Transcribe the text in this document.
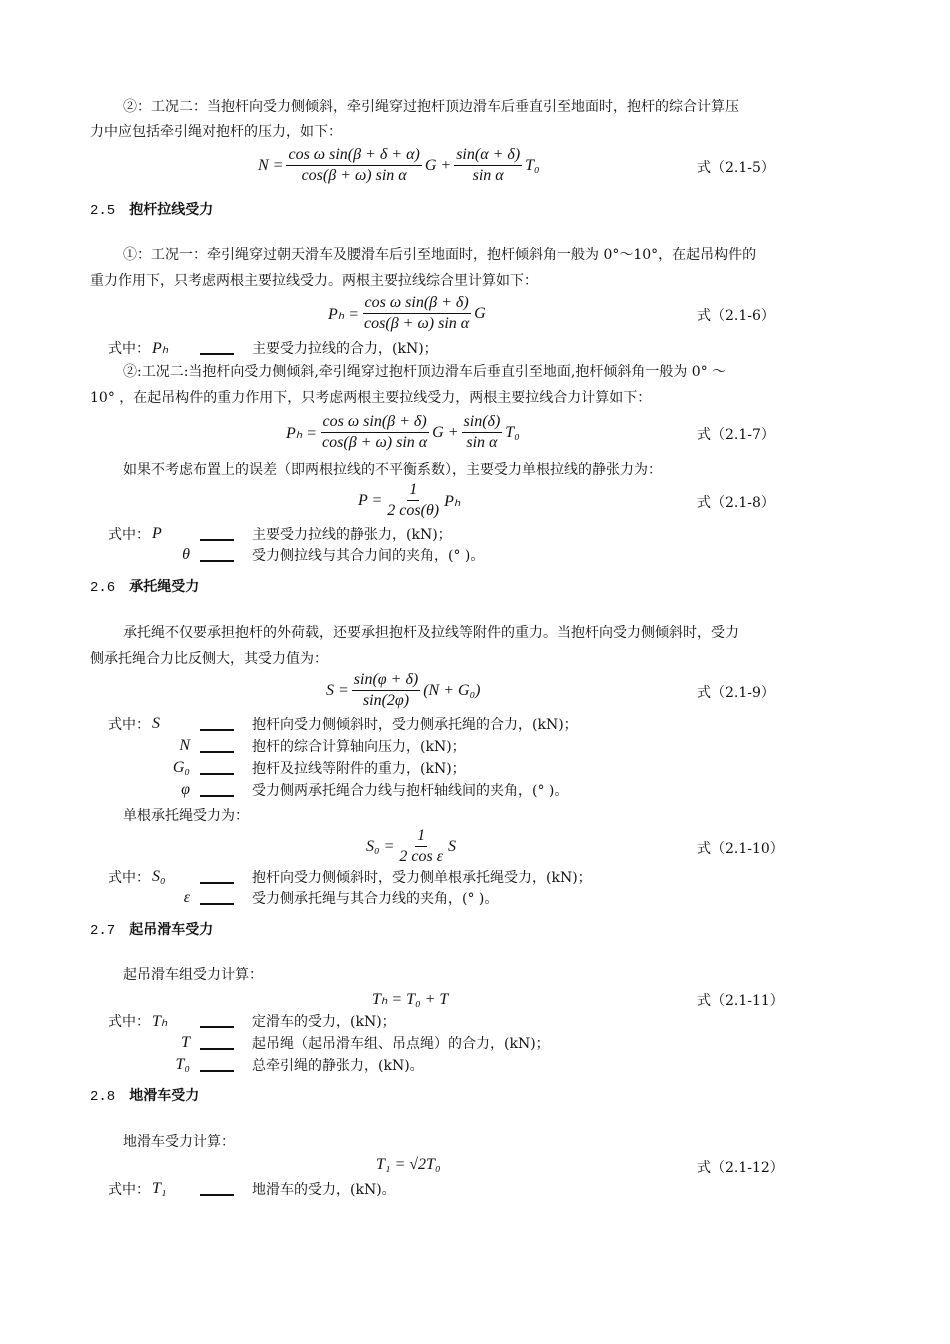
②：工况二：当抱杆向受力侧倾斜，牵引绳穿过抱杆顶边滑车后垂直引至地面时，抱杆的综合计算压
力中应包括牵引绳对抱杆的压力，如下：
$N = \frac{\text{cos ω sin(β + δ + α)}}{\text{cos(β + ω) sin α}}$ $G + \frac{\sin(\alpha + \delta)}{\text{sin α}} T_0$	式（2.1-5）
2.5 抱杆拉线受力
①：工况一：牵引绳穿过朝天滑车及腰滑车后引至地面时，抱杆倾斜角一般为 0°～10°，在起吊构件的
重力作用下，只考虑两根主要拉线受力。两根主要拉线综合里计算如下：
$P_h = \frac{\text{cos ω sin(β + δ)}}{\text{cos(β + ω) sin α}}$ G	式（2.1-6）
式中： Pₕ	主要受力拉线的合力，(kN)；
②:工况二:当抱杆向受力侧倾斜,牵引绳穿过抱杆顶边滑车后垂直引至地面,抱杆倾斜角一般为 0° ～
10° ，在起吊构件的重力作用下，只考虑两根主要拉线受力，两根主要拉线合力计算如下：
$P_h = \frac{\text{cos ω sin(β + δ)}}{\text{cos(β + ω) sin α}}$ $G + \frac{\sin(\delta)}{\text{sin α}} T_0$	式（2.1-7）
如果不考虑布置上的误差（即两根拉线的不平衡系数），主要受力单根拉线的静张力为：
$P = \frac{1}{2 \cos(\theta)}$ Pₕ	式（2.1-8）
式中： P	主要受力拉线的静张力，(kN)；
θ	受力侧拉线与其合力间的夹角，(° )。
2.6 承托绳受力
承托绳不仅要承担抱杆的外荷载，还要承担抱杆及拉线等附件的重力。当抱杆向受力侧倾斜时，受力
侧承托绳合力比反侧大，其受力值为：
$S = \frac{\sin(\varphi + \delta)}{\sin(2\varphi)} (N + G_0)$	式（2.1-9）
式中： S	抱杆向受力侧倾斜时，受力侧承托绳的合力，(kN)；
N	抱杆的综合计算轴向压力，(kN)；
G₀	抱杆及拉线等附件的重力，(kN)；
φ	受力侧两承托绳合力线与抱杆轴线间的夹角，(° )。
单根承托绳受力为：
$S_0 = \frac{1}{\text{2 cos ε}}$ S	式（2.1-10）
式中： S₀	抱杆向受力侧倾斜时，受力侧单根承托绳受力，(kN)；
ε	受力侧承托绳与其合力线的夹角，(° )。
2.7 起吊滑车受力
起吊滑车组受力计算：
Tₕ = T₀ + T	式（2.1-11）
式中： Tₕ	定滑车的受力，(kN)；
T	起吊绳（起吊滑车组、吊点绳）的合力，(kN)；
T₀	总牵引绳的静张力，(kN)。
2.8 地滑车受力
地滑车受力计算：
T₁ = √2T₀	式（2.1-12）
式中： T₁	地滑车的受力，(kN)。
